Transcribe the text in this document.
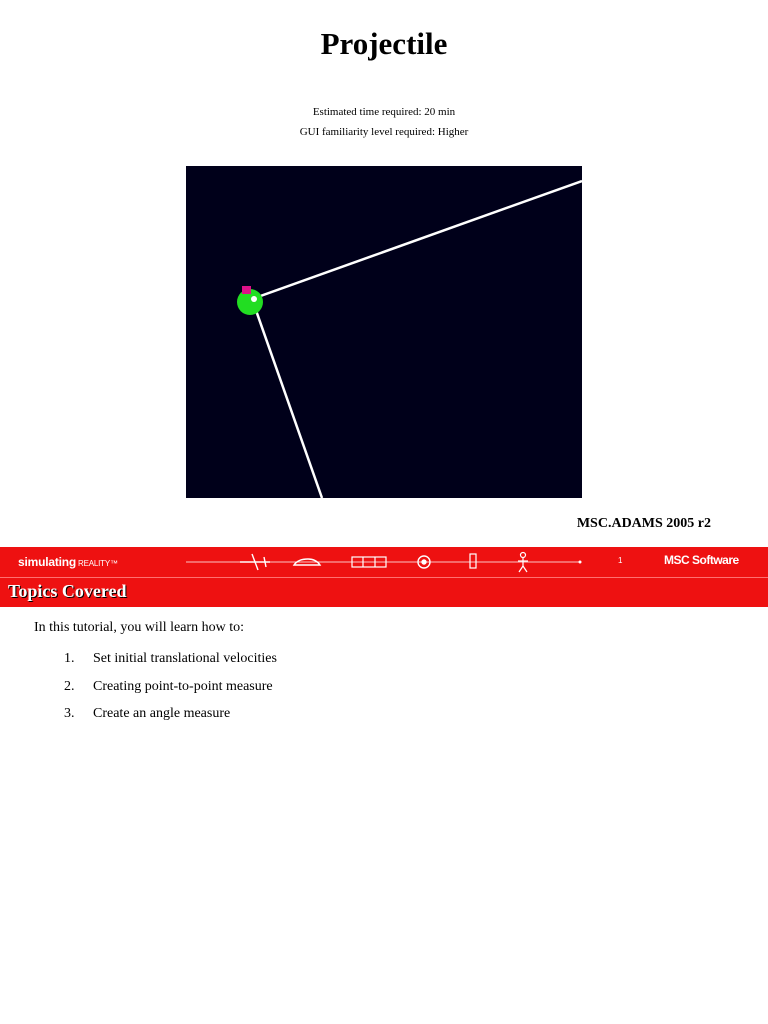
Projectile
Estimated time required: 20 min
GUI familiarity level required: Higher
MSC.ADAMS 2005 r2
simulating REALITY™	1	MSC Software
Topics Covered
In this tutorial, you will learn how to:
1. Set initial translational velocities
2. Creating point-to-point measure
3. Create an angle measure
